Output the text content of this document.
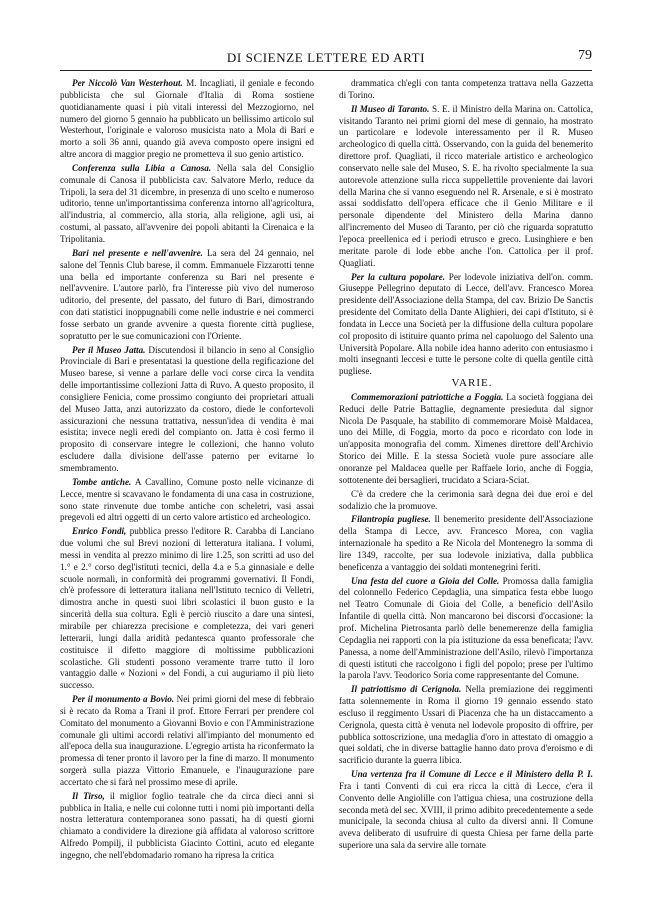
DI SCIENZE LETTERE ED ARTI	79

Per Niccolò Van Westerhout. M. Incagliati, il geniale e fecondo pubblicista che sul Giornale d'Italia di Roma sostiene quotidianamente quasi i più vitali interessi del Mezzogiorno, nel numero del giorno 5 gennaio ha pubblicato un bellissimo articolo sul Westerhout, l'originale e valoroso musicista nato a Mola di Bari e morto a soli 36 anni, quando già aveva composto opere insigni ed altre ancora di maggior pregio ne prometteva il suo genio artistico.

Conferenza sulla Libia a Canosa. Nella sala del Consiglio comunale di Canosa il pubblicista cav. Salvatore Merlo, reduce da Tripoli, la sera del 31 dicembre, in presenza di uno scelto e numeroso uditorio, tenne un'importantissima conferenza intorno all'agricoltura, all'industria, al commercio, alla storia, alla religione, agli usi, ai costumi, al passato, all'avvenire dei popoli abitanti la Cirenaica e la Tripolitania.

Bari nel presente e nell'avvenire. La sera del 24 gennaio, nel salone del Tennis Club barese, il comm. Emmanuele Fizzarotti tenne una bella ed importante conferenza su Bari nel presente e nell'avvenire. L'autore parlò, fra l'interesse più vivo del numeroso uditorio, del presente, del passato, del futuro di Bari, dimostrando con dati statistici inoppugnabili come nelle industrie e nei commerci fosse serbato un grande avvenire a questa fiorente città pugliese, sopratutto per le sue comunicazioni con l'Oriente.

Per il Museo Jatta. Discutendosi il bilancio in seno al Consiglio Provinciale di Bari e presentatasi la questione della regificazione del Museo barese, si venne a parlare delle voci corse circa la vendita delle importantissime collezioni Jatta di Ruvo. A questo proposito, il consigliere Fenicia, come prossimo congiunto dei proprietari attuali del Museo Jatta, anzi autorizzato da costoro, diede le confortevoli assicurazioni che nessuna trattativa, nessun'idea di vendita è mai esistita; invece negli eredi del compianto on. Jatta è così fermo il proposito di conservare integre le collezioni, che hanno voluto escludere dalla divisione dell'asse paterno per evitarne lo smembramento.

Tombe antiche. A Cavallino, Comune posto nelle vicinanze di Lecce, mentre si scavavano le fondamenta di una casa in costruzione, sono state rinvenute due tombe antiche con scheletri, vasi assai pregevoli ed altri oggetti di un certo valore artistico ed archeologico.

Enrico Fondi, pubblica presso l'editore R. Carabba di Lanciano due volumi che sul Brevi nozioni di letteratura italiana. I volumi, messi in vendita al prezzo minimo di lire 1.25, son scritti ad uso del 1.° e 2.° corso degl'istituti tecnici, della 4.a e 5.a ginnasiale e delle scuole normali, in conformità dei programmi governativi. Il Fondi, ch'è professore di letteratura italiana nell'Istituto tecnico di Velletri, dimostra anche in questi suoi libri scolastici il buon gusto e la sincerità della sua coltura. Egli è perciò riuscito a dare una sintesi, mirabile per chiarezza precisione e completezza, dei vari generi letterarii, lungi dalla aridità pedantesca quanto professorale che costituisce il difetto maggiore di moltissime pubblicazioni scolastiche. Gli studenti possono veramente trarre tutto il loro vantaggio dalle « Nozioni » del Fondi, a cui auguriamo il più lieto successo.

Per il monumento a Bovio. Nei primi giorni del mese di febbraio si è recato da Roma a Trani il prof. Ettore Ferrari per prendere col Comitato del monumento a Giovanni Bovio e con l'Amministrazione comunale gli ultimi accordi relativi all'impianto del monumento ed all'epoca della sua inaugurazione. L'egregio artista ha riconfermato la promessa di tener pronto il lavoro per la fine di marzo. Il monumento sorgerà sulla piazza Vittorio Emanuele, e l'inaugurazione pare accertato che si farà nel prossimo mese di aprile.

Il Tirso, il miglior foglio teatrale che da circa dieci anni si pubblica in Italia, e nelle cui colonne tutti i nomi più importanti della nostra letteratura contemporanea sono passati, ha di questi giorni chiamato a condividere la direzione già affidata al valoroso scrittore Alfredo Pompilj, il pubblicista Giacinto Cottini, acuto ed elegante ingegno, che nell'ebdomadario romano ha ripresa la critica

drammatica ch'egli con tanta competenza trattava nella Gazzetta di Torino.

Il Museo di Taranto. S. E. il Ministro della Marina on. Cattolica, visitando Taranto nei primi giorni del mese di gennaio, ha mostrato un particolare e lodevole interessamento per il R. Museo archeologico di quella città. Osservando, con la guida del benemerito direttore prof. Quagliati, il ricco materiale artistico e archeologico conservato nelle sale del Museo, S. E. ha rivolto specialmente la sua autorevole attenzione sulla ricca suppellettile proveniente dai lavori della Marina che si vanno eseguendo nel R. Arsenale, e si è mostrato assai soddisfatto dell'opera efficace che il Genio Militare e il personale dipendente del Ministero della Marina danno all'incremento del Museo di Taranto, per ciò che riguarda sopratutto l'epoca preellenica ed i periodi etrusco e greco. Lusinghiere e ben meritate parole di lode ebbe anche l'on. Cattolica per il prof. Quagliati.

Per la cultura popolare. Per lodevole iniziativa dell'on. comm. Giuseppe Pellegrino deputato di Lecce, dell'avv. Francesco Morea presidente dell'Associazione della Stampa, del cav. Brizio De Sanctis presidente del Comitato della Dante Alighieri, dei capi d'Istituto, si è fondata in Lecce una Società per la diffusione della cultura popolare col proposito di istituire quanto prima nel capoluogo del Salento una Università Popolare. Alla nobile idea hanno aderito con entusiasmo i molti insegnanti leccesi e tutte le persone colte di quella gentile città pugliese.

VARIE.

Commemorazioni patriottiche a Foggia. La società foggiana dei Reduci delle Patrie Battaglie, degnamente presieduta dal signor Nicola De Pasquale, ha stabilito di commemorare Moisè Maldacea, uno dei Mille, di Foggia, morto da poco e ricordato con lode in un'apposita monografia del comm. Ximenes direttore dell'Archivio Storico dei Mille. E la stessa Società vuole pure associare alle onoranze pel Maldacea quelle per Raffaele Iorio, anche di Foggia, sottotenente dei bersaglieri, trucidato a Sciara-Sciat.

C'è da credere che la cerimonia sarà degna dei due eroi e del sodalizio che la promuove.

Filantropia pugliese. Il benemerito presidente dell'Associazione della Stampa di Lecce, avv. Francesco Morea, con vaglia internazionale ha spedito a Re Nicola del Montenegro la somma di lire 1349, raccolte, per sua lodevole iniziativa, dalla pubblica beneficenza a vantaggio dei soldati montenegrini feriti.

Una festa del cuore a Gioia del Colle. Promossa dalla famiglia del colonnello Federico Cepdaglia, una simpatica festa ebbe luogo nel Teatro Comunale di Gioia del Colle, a beneficio dell'Asilo Infantile di quella città. Non mancarono bei discorsi d'occasione: la prof. Michelina Pietrosanta parlò delle benemerenze della famiglia Cepdaglia nei rapporti con la pia istituzione da essa beneficata; l'avv. Panessa, a nome dell'Amministrazione dell'Asilo, rilevò l'importanza di questi istituti che raccolgono i figli del popolo; prese per l'ultimo la parola l'avv. Teodorico Soria come rappresentante del Comune.

Il patriottismo di Cerignola. Nella premiazione dei reggimenti fatta solennemente in Roma il giorno 19 gennaio essendo stato escluso il reggimento Ussari di Piacenza che ha un distaccamento a Cerignola, questa città è venuta nel lodevole proposito di offrire, per pubblica sottoscrizione, una medaglia d'oro in attestato di omaggio a quei soldati, che in diverse battaglie hanno dato prova d'eroismo e di sacrificio durante la guerra libica.

Una vertenza fra il Comune di Lecce e il Ministero della P. I. Fra i tanti Conventi di cui era ricca la città di Lecce, c'era il Convento delle Angiolille con l'attigua chiesa, una costruzione della seconda metà del sec. XVIII, il primo adibito precedentemente a sede municipale, la seconda chiusa al culto da diversi anni. Il Comune aveva deliberato di usufruire di questa Chiesa per farne della parte superiore una sala da servire alle tornate
